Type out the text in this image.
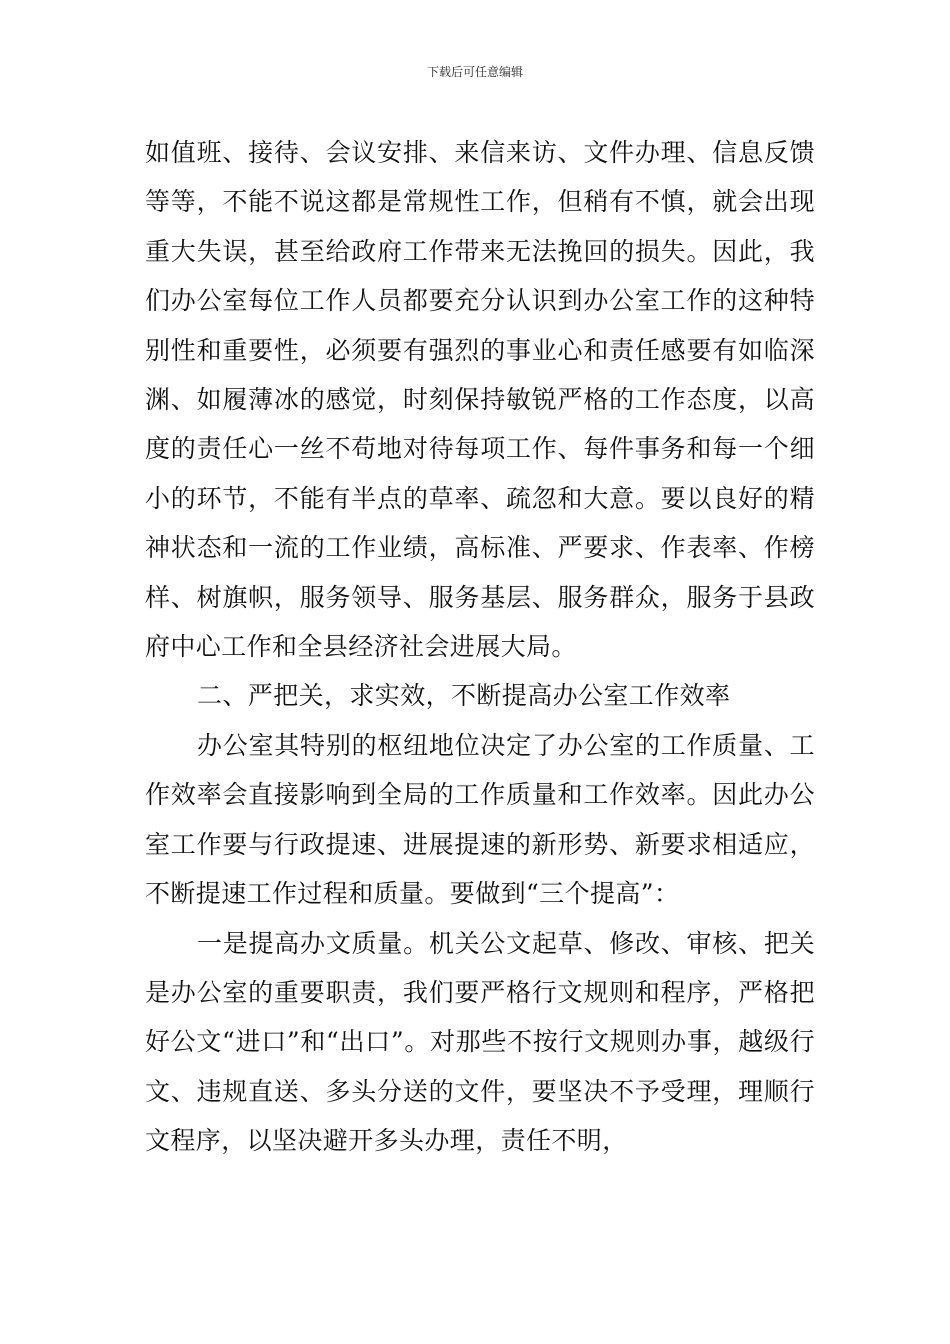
下载后可任意编辑

如值班、接待、会议安排、来信来访、文件办理、信息反馈等等，不能不说这都是常规性工作，但稍有不慎，就会出现重大失误，甚至给政府工作带来无法挽回的损失。因此，我们办公室每位工作人员都要充分认识到办公室工作的这种特别性和重要性，必须要有强烈的事业心和责任感要有如临深渊、如履薄冰的感觉，时刻保持敏锐严格的工作态度，以高度的责任心一丝不苟地对待每项工作、每件事务和每一个细小的环节，不能有半点的草率、疏忽和大意。要以良好的精神状态和一流的工作业绩，高标准、严要求、作表率、作榜样、树旗帜，服务领导、服务基层、服务群众，服务于县政府中心工作和全县经济社会进展大局。

二、严把关，求实效，不断提高办公室工作效率

办公室其特别的枢纽地位决定了办公室的工作质量、工作效率会直接影响到全局的工作质量和工作效率。因此办公室工作要与行政提速、进展提速的新形势、新要求相适应，不断提速工作过程和质量。要做到“三个提高”：

一是提高办文质量。机关公文起草、修改、审核、把关是办公室的重要职责，我们要严格行文规则和程序，严格把好公文“进口”和“出口”。对那些不按行文规则办事，越级行文、违规直送、多头分送的文件，要坚决不予受理，理顺行文程序，以坚决避开多头办理，责任不明，
